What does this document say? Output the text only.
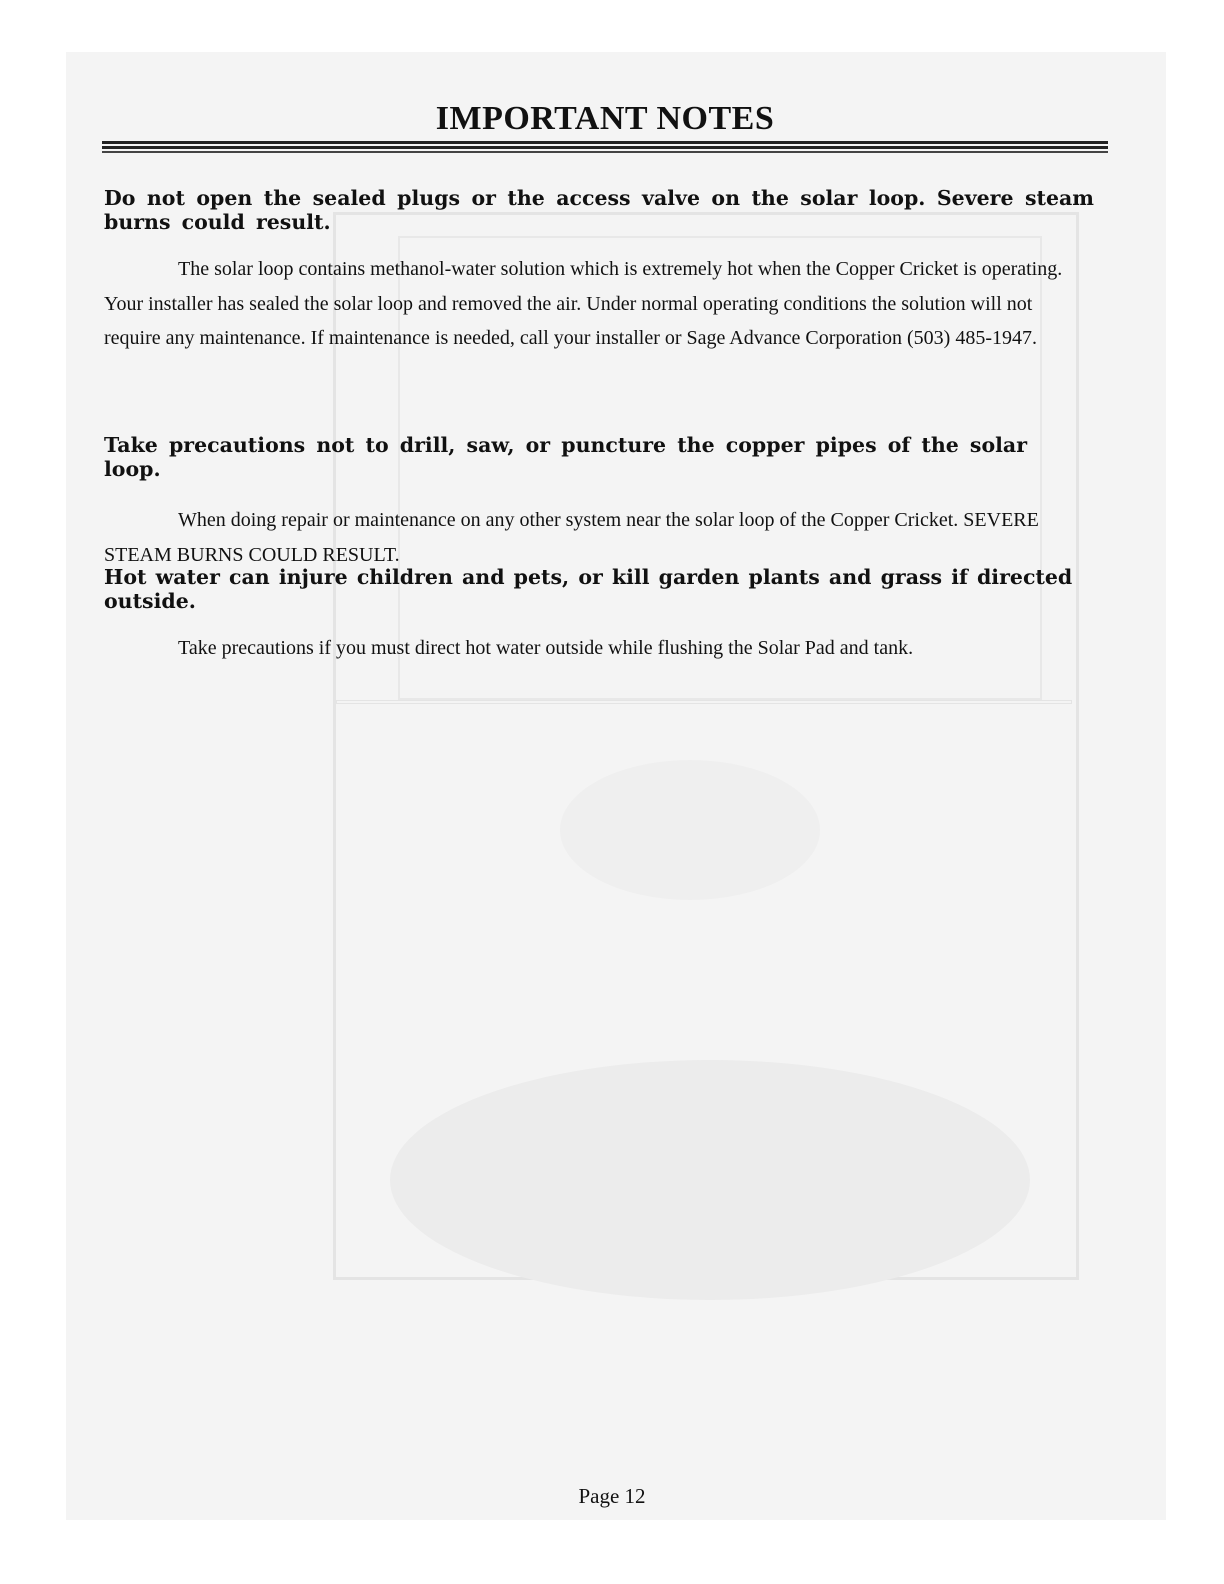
IMPORTANT NOTES

Do not open the sealed plugs or the access valve on the solar loop. Severe steam burns could result.

The solar loop contains methanol-water solution which is extremely hot when the Copper Cricket is operating. Your installer has sealed the solar loop and removed the air. Under normal operating conditions the solution will not require any maintenance. If maintenance is needed, call your installer or Sage Advance Corporation (503) 485-1947.

Take precautions not to drill, saw, or puncture the copper pipes of the solar loop.

When doing repair or maintenance on any other system near the solar loop of the Copper Cricket. SEVERE STEAM BURNS COULD RESULT.

Hot water can injure children and pets, or kill garden plants and grass if directed outside.

Take precautions if you must direct hot water outside while flushing the Solar Pad and tank.

Page 12
